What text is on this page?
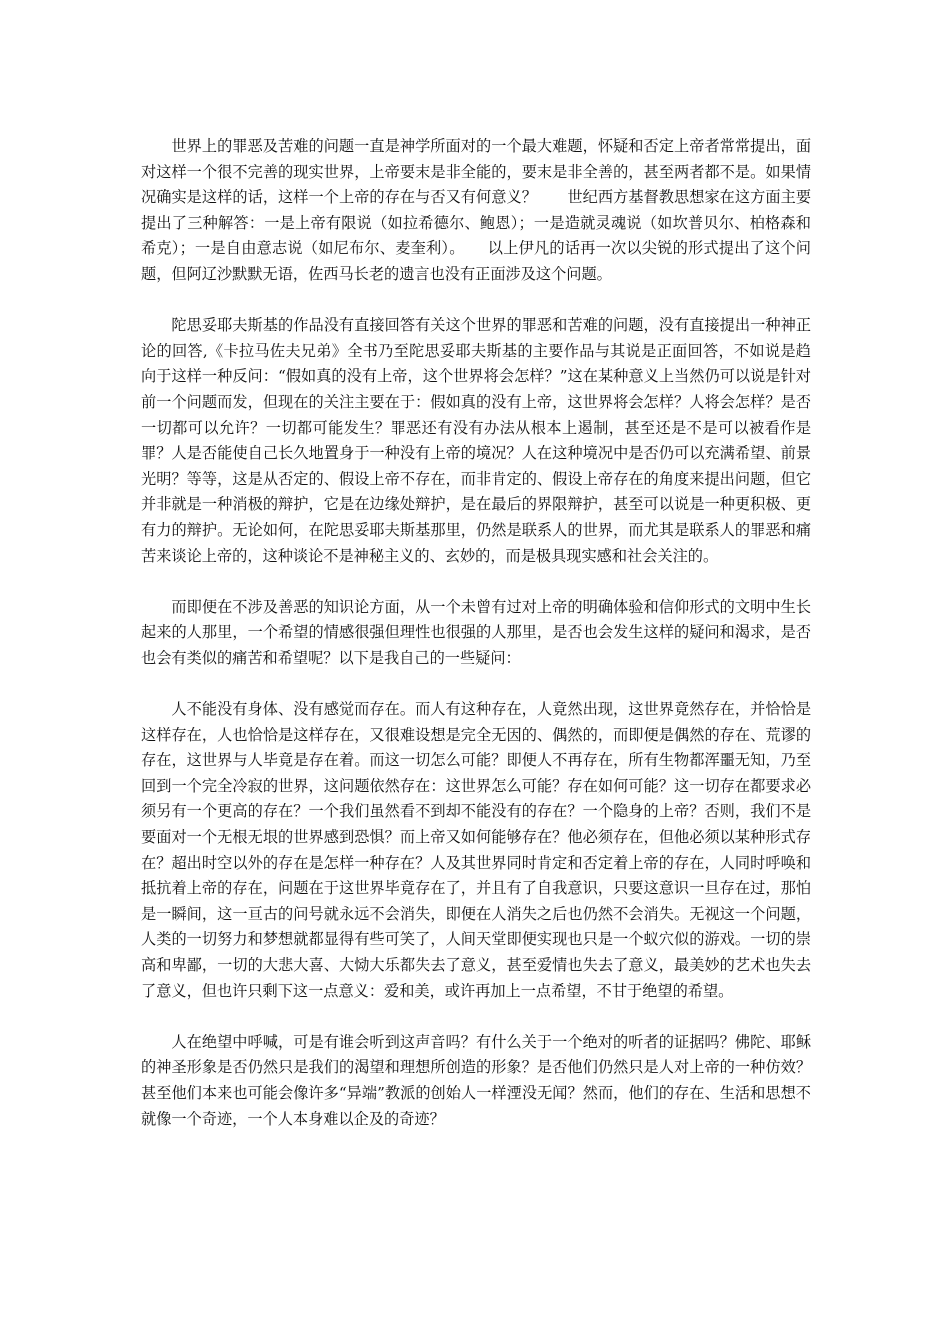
世界上的罪恶及苦难的问题一直是神学所面对的一个最大难题，怀疑和否定上帝者常常提出，面对这样一个很不完善的现实世界，上帝要末是非全能的，要末是非全善的，甚至两者都不是。如果情况确实是这样的话，这样一个上帝的存在与否又有何意义？　　世纪西方基督教思想家在这方面主要提出了三种解答：一是上帝有限说（如拉希德尔、鲍恩）；一是造就灵魂说（如坎普贝尔、柏格森和希克）；一是自由意志说（如尼布尔、麦奎利）。　　以上伊凡的话再一次以尖锐的形式提出了这个问题，但阿辽沙默默无语，佐西马长老的遗言也没有正面涉及这个问题。

陀思妥耶夫斯基的作品没有直接回答有关这个世界的罪恶和苦难的问题，没有直接提出一种神正论的回答,《卡拉马佐夫兄弟》全书乃至陀思妥耶夫斯基的主要作品与其说是正面回答，不如说是趋向于这样一种反问：“假如真的没有上帝，这个世界将会怎样？”这在某种意义上当然仍可以说是针对前一个问题而发，但现在的关注主要在于：假如真的没有上帝，这世界将会怎样？人将会怎样？是否一切都可以允许？一切都可能发生？罪恶还有没有办法从根本上遏制，甚至还是不是可以被看作是罪？人是否能使自己长久地置身于一种没有上帝的境况？人在这种境况中是否仍可以充满希望、前景光明？等等，这是从否定的、假设上帝不存在，而非肯定的、假设上帝存在的角度来提出问题，但它并非就是一种消极的辩护，它是在边缘处辩护，是在最后的界限辩护，甚至可以说是一种更积极、更有力的辩护。无论如何，在陀思妥耶夫斯基那里，仍然是联系人的世界，而尤其是联系人的罪恶和痛苦来谈论上帝的，这种谈论不是神秘主义的、玄妙的，而是极具现实感和社会关注的。

而即便在不涉及善恶的知识论方面，从一个未曾有过对上帝的明确体验和信仰形式的文明中生长起来的人那里，一个希望的情感很强但理性也很强的人那里，是否也会发生这样的疑问和渴求，是否也会有类似的痛苦和希望呢？以下是我自己的一些疑问：

人不能没有身体、没有感觉而存在。而人有这种存在，人竟然出现，这世界竟然存在，并恰恰是这样存在，人也恰恰是这样存在，又很难设想是完全无因的、偶然的，而即便是偶然的存在、荒谬的存在，这世界与人毕竟是存在着。而这一切怎么可能？即便人不再存在，所有生物都浑噩无知，乃至回到一个完全冷寂的世界，这问题依然存在：这世界怎么可能？存在如何可能？这一切存在都要求必须另有一个更高的存在？一个我们虽然看不到却不能没有的存在？一个隐身的上帝？否则，我们不是要面对一个无根无垠的世界感到恐惧？而上帝又如何能够存在？他必须存在，但他必须以某种形式存在？超出时空以外的存在是怎样一种存在？人及其世界同时肯定和否定着上帝的存在，人同时呼唤和抵抗着上帝的存在，问题在于这世界毕竟存在了，并且有了自我意识，只要这意识一旦存在过，那怕是一瞬间，这一亘古的问号就永远不会消失，即便在人消失之后也仍然不会消失。无视这一个问题，人类的一切努力和梦想就都显得有些可笑了，人间天堂即便实现也只是一个蚁穴似的游戏。一切的崇高和卑鄙，一切的大悲大喜、大恸大乐都失去了意义，甚至爱情也失去了意义，最美妙的艺术也失去了意义，但也许只剩下这一点意义：爱和美，或许再加上一点希望，不甘于绝望的希望。

人在绝望中呼喊，可是有谁会听到这声音吗？有什么关于一个绝对的听者的证据吗？佛陀、耶稣的神圣形象是否仍然只是我们的渴望和理想所创造的形象？是否他们仍然只是人对上帝的一种仿效？甚至他们本来也可能会像许多“异端”教派的创始人一样湮没无闻？然而，他们的存在、生活和思想不就像一个奇迹，一个人本身难以企及的奇迹？
